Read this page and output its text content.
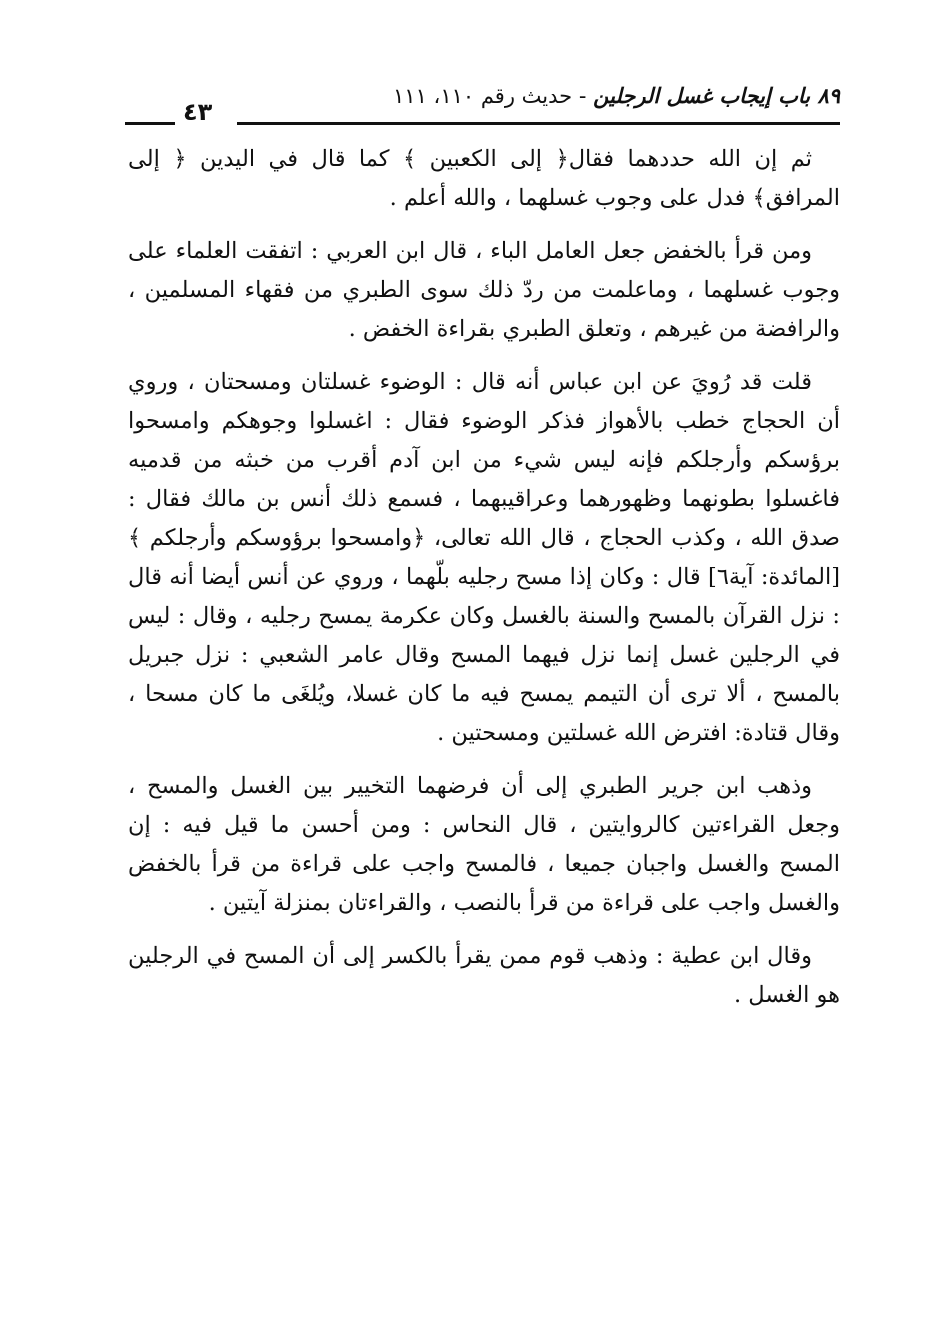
٨٩ باب إيجاب غسل الرجلين - حديث رقم ١١٠، ١١١
٤٣

ثم إن الله حددهما فقال﴿ إلى الكعبين ﴾ كما قال في اليدين ﴿ إلى المرافق﴾ فدل على وجوب غسلهما ، والله أعلم .

ومن قرأ بالخفض جعل العامل الباء ، قال ابن العربي : اتفقت العلماء على وجوب غسلهما ، وماعلمت من ردّ ذلك سوى الطبري من فقهاء المسلمين ، والرافضة من غيرهم ، وتعلق الطبري بقراءة الخفض .

قلت قد رُويَ عن ابن عباس أنه قال : الوضوء غسلتان ومسحتان ، وروي أن الحجاج خطب بالأهواز فذكر الوضوء فقال : اغسلوا وجوهكم وامسحوا برؤسكم وأرجلكم فإنه ليس شيء من ابن آدم أقرب من خبثه من قدميه فاغسلوا بطونهما وظهورهما وعراقيبهما ، فسمع ذلك أنس بن مالك فقال : صدق الله ، وكذب الحجاج ، قال الله تعالى، ﴿وامسحوا برؤوسكم وأرجلكم ﴾ [المائدة: آية٦] قال : وكان إذا مسح رجليه بلّهما ، وروي عن أنس أيضا أنه قال : نزل القرآن بالمسح والسنة بالغسل وكان عكرمة يمسح رجليه ، وقال : ليس في الرجلين غسل إنما نزل فيهما المسح وقال عامر الشعبي : نزل جبريل بالمسح ، ألا ترى أن التيمم يمسح فيه ما كان غسلا، ويُلغَى ما كان مسحا ، وقال قتادة: افترض الله غسلتين ومسحتين .

وذهب ابن جرير الطبري إلى أن فرضهما التخيير بين الغسل والمسح ، وجعل القراءتين كالروايتين ، قال النحاس : ومن أحسن ما قيل فيه : إن المسح والغسل واجبان جميعا ، فالمسح واجب على قراءة من قرأ بالخفض والغسل واجب على قراءة من قرأ بالنصب ، والقراءتان بمنزلة آيتين .

وقال ابن عطية : وذهب قوم ممن يقرأ بالكسر إلى أن المسح في الرجلين هو الغسل .
